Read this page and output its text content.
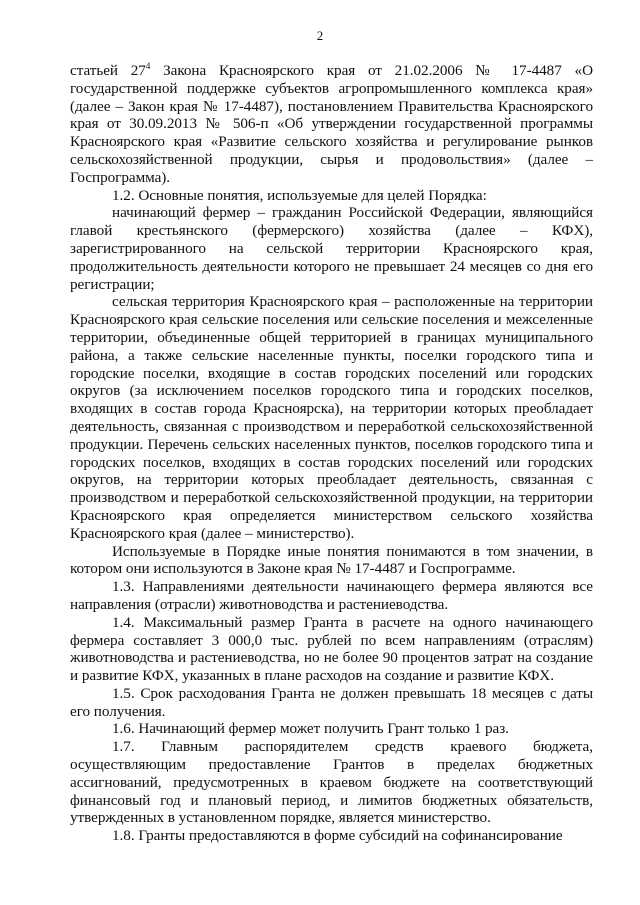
2

статьей $27^4$ Закона Красноярского края от 21.02.2006 № 17-4487 «О государственной поддержке субъектов агропромышленного комплекса края» (далее – Закон края № 17-4487), постановлением Правительства Красноярского края от 30.09.2013 № 506-п «Об утверждении государственной программы Красноярского края «Развитие сельского хозяйства и регулирование рынков сельскохозяйственной продукции, сырья и продовольствия» (далее – Госпрограмма).

1.2. Основные понятия, используемые для целей Порядка:

начинающий фермер – гражданин Российской Федерации, являющийся главой крестьянского (фермерского) хозяйства (далее – КФХ), зарегистрированного на сельской территории Красноярского края, продолжительность деятельности которого не превышает 24 месяцев со дня его регистрации;

сельская территория Красноярского края – расположенные на территории Красноярского края сельские поселения или сельские поселения и межселенные территории, объединенные общей территорией в границах муниципального района, а также сельские населенные пункты, поселки городского типа и городские поселки, входящие в состав городских поселений или городских округов (за исключением поселков городского типа и городских поселков, входящих в состав города Красноярска), на территории которых преобладает деятельность, связанная с производством и переработкой сельскохозяйственной продукции. Перечень сельских населенных пунктов, поселков городского типа и городских поселков, входящих в состав городских поселений или городских округов, на территории которых преобладает деятельность, связанная с производством и переработкой сельскохозяйственной продукции, на территории Красноярского края определяется министерством сельского хозяйства Красноярского края (далее – министерство).

Используемые в Порядке иные понятия понимаются в том значении, в котором они используются в Законе края № 17-4487 и Госпрограмме.

1.3. Направлениями деятельности начинающего фермера являются все направления (отрасли) животноводства и растениеводства.

1.4. Максимальный размер Гранта в расчете на одного начинающего фермера составляет 3 000,0 тыс. рублей по всем направлениям (отраслям) животноводства и растениеводства, но не более 90 процентов затрат на создание и развитие КФХ, указанных в плане расходов на создание и развитие КФХ.

1.5. Срок расходования Гранта не должен превышать 18 месяцев с даты его получения.

1.6. Начинающий фермер может получить Грант только 1 раз.

1.7. Главным распорядителем средств краевого бюджета, осуществляющим предоставление Грантов в пределах бюджетных ассигнований, предусмотренных в краевом бюджете на соответствующий финансовый год и плановый период, и лимитов бюджетных обязательств, утвержденных в установленном порядке, является министерство.

1.8. Гранты предоставляются в форме субсидий на софинансирование
